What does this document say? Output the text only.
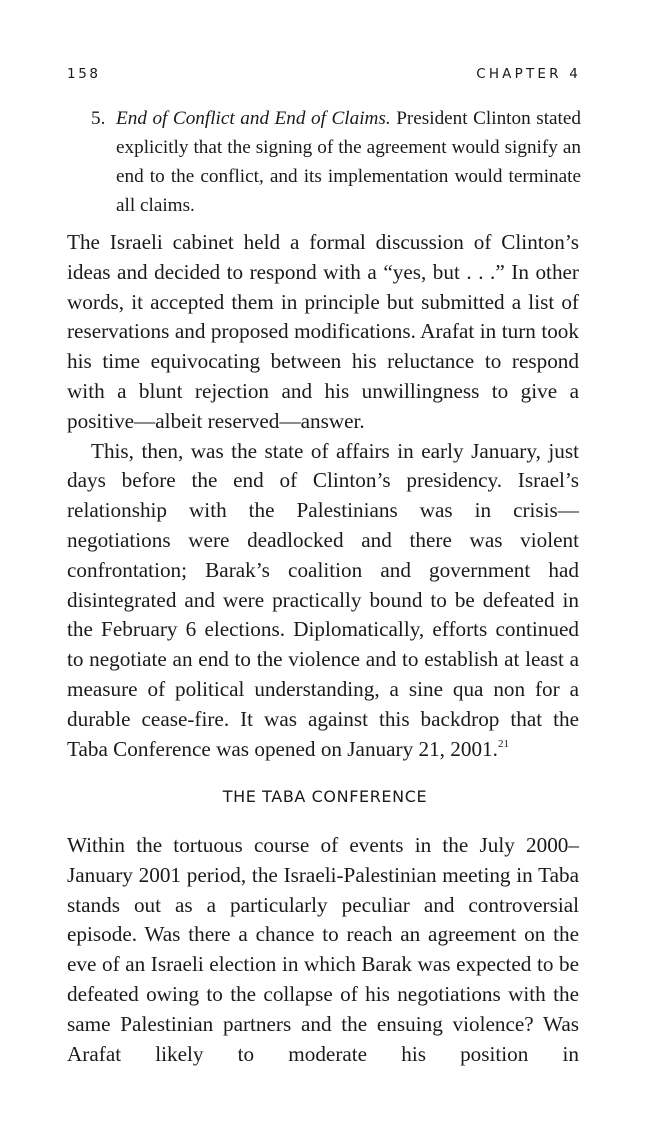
158	CHAPTER 4
5. End of Conflict and End of Claims. President Clinton stated explicitly that the signing of the agreement would signify an end to the conflict, and its implementation would terminate all claims.

The Israeli cabinet held a formal discussion of Clinton’s ideas and decided to respond with a “yes, but . . .” In other words, it accepted them in principle but submitted a list of reservations and proposed modifications. Arafat in turn took his time equivocating between his reluctance to respond with a blunt rejection and his unwillingness to give a positive—albeit reserved—answer.

This, then, was the state of affairs in early January, just days before the end of Clinton’s presidency. Israel’s relationship with the Palestinians was in crisis—negotiations were deadlocked and there was violent confrontation; Barak’s coalition and government had disintegrated and were practically bound to be defeated in the February 6 elections. Diplomatically, efforts continued to negotiate an end to the violence and to establish at least a measure of political understanding, a sine qua non for a durable cease-fire. It was against this backdrop that the Taba Conference was opened on January 21, 2001.21

THE TABA CONFERENCE

Within the tortuous course of events in the July 2000–January 2001 period, the Israeli-Palestinian meeting in Taba stands out as a particularly peculiar and controversial episode. Was there a chance to reach an agreement on the eve of an Israeli election in which Barak was expected to be defeated owing to the collapse of his negotiations with the same Palestinian partners and the ensuing violence? Was Arafat likely to moderate his position in
